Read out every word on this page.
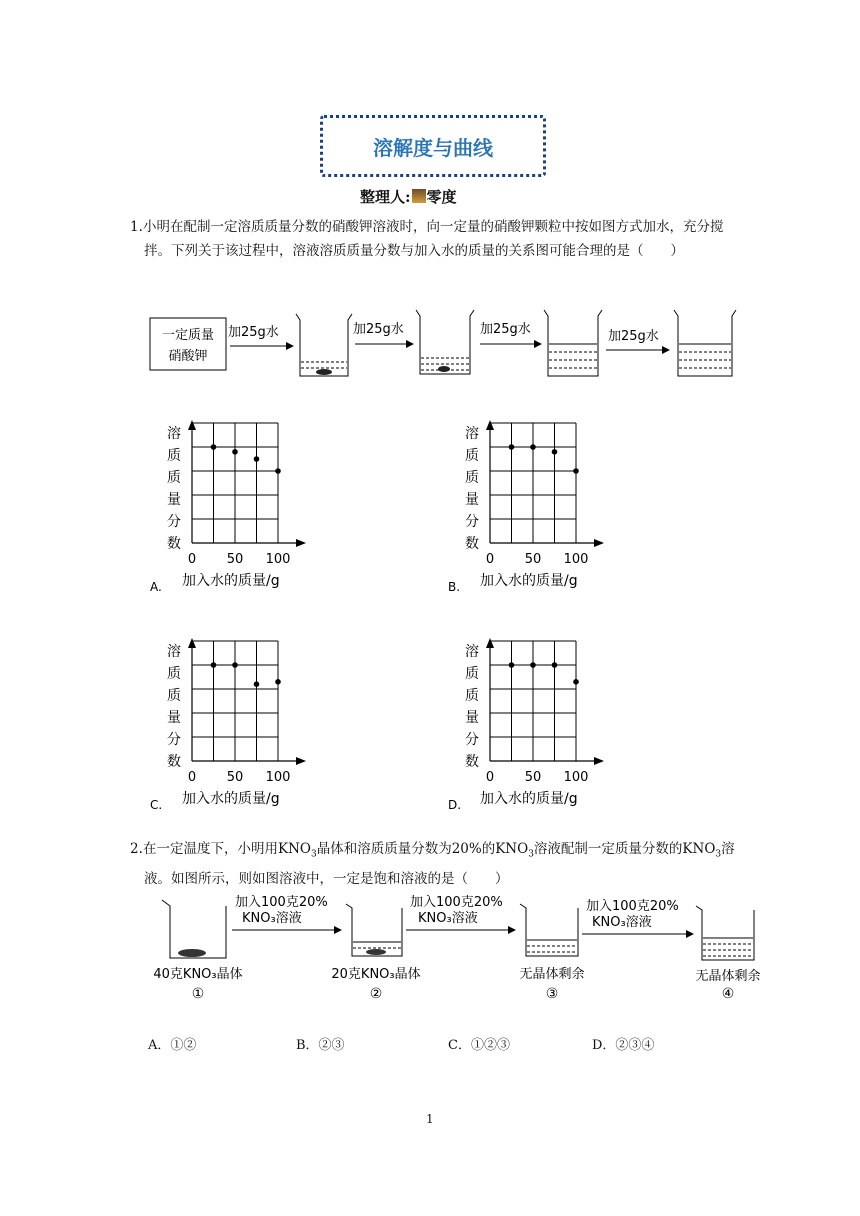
溶解度与曲线
整理人: 零度
1. 小明在配制一定溶质质量分数的硝酸钾溶液时，向一定量的硝酸钾颗粒中按如图方式加水，充分搅拌。下列关于该过程中，溶液溶质质量分数与加入水的质量的关系图可能合理的是（　　）
一定质量
硝酸钾
加25g水	加25g水	加25g水	加25g水
溶
质
质
量
分
数
0 50 100
A. 加入水的质量/g
溶
质
质
量
分
数
0 50 100
B. 加入水的质量/g
溶
质
质
量
分
数
0 50 100
C. 加入水的质量/g
溶
质
质
量
分
数
0 50 100
D. 加入水的质量/g
2. 在一定温度下，小明用$KNO_3$晶体和溶质质量分数为20%的$KNO_3$溶液配制一定质量分数的$KNO_3$溶液。如图所示，则如图溶液中，一定是饱和溶液的是（　　）
40克KNO₃晶体
①
20克KNO₃晶体
②
无晶体剩余
③
无晶体剩余
④
加入100克20%
KNO₃溶液
加入100克20%
KNO₃溶液
加入100克20%
KNO₃溶液
A．①②	B．②③	C．①②③	D．②③④
1
